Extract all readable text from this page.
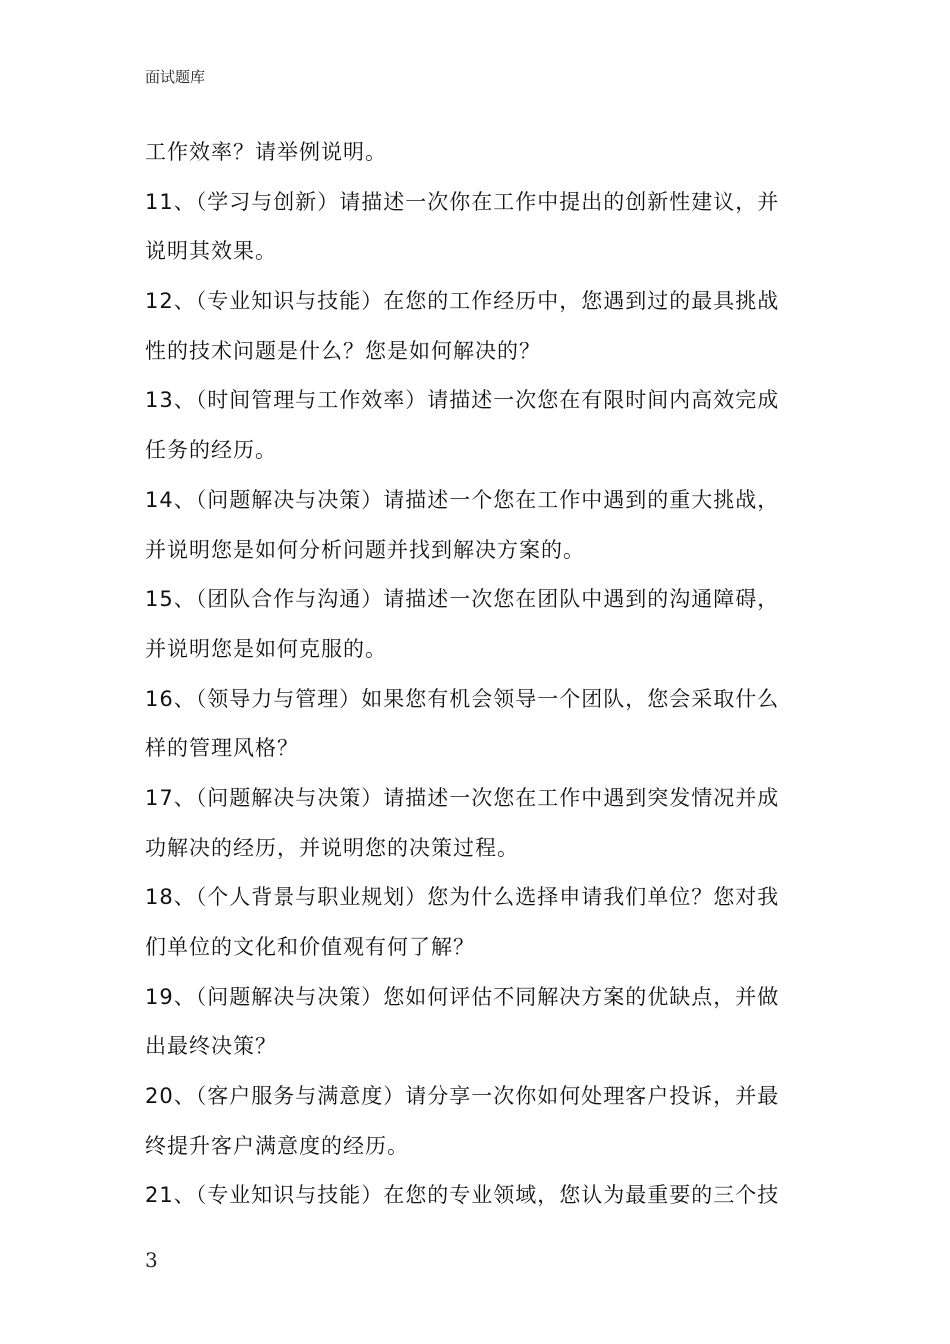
面试题库
工作效率？请举例说明。
11、（学习与创新）请描述一次你在工作中提出的创新性建议，并
说明其效果。
12、（专业知识与技能）在您的工作经历中，您遇到过的最具挑战
性的技术问题是什么？您是如何解决的？
13、（时间管理与工作效率）请描述一次您在有限时间内高效完成
任务的经历。
14、（问题解决与决策）请描述一个您在工作中遇到的重大挑战，
并说明您是如何分析问题并找到解决方案的。
15、（团队合作与沟通）请描述一次您在团队中遇到的沟通障碍，
并说明您是如何克服的。
16、（领导力与管理）如果您有机会领导一个团队，您会采取什么
样的管理风格？
17、（问题解决与决策）请描述一次您在工作中遇到突发情况并成
功解决的经历，并说明您的决策过程。
18、（个人背景与职业规划）您为什么选择申请我们单位？您对我
们单位的文化和价值观有何了解？
19、（问题解决与决策）您如何评估不同解决方案的优缺点，并做
出最终决策？
20、（客户服务与满意度）请分享一次你如何处理客户投诉，并最
终提升客户满意度的经历。
21、（专业知识与技能）在您的专业领域，您认为最重要的三个技
3
